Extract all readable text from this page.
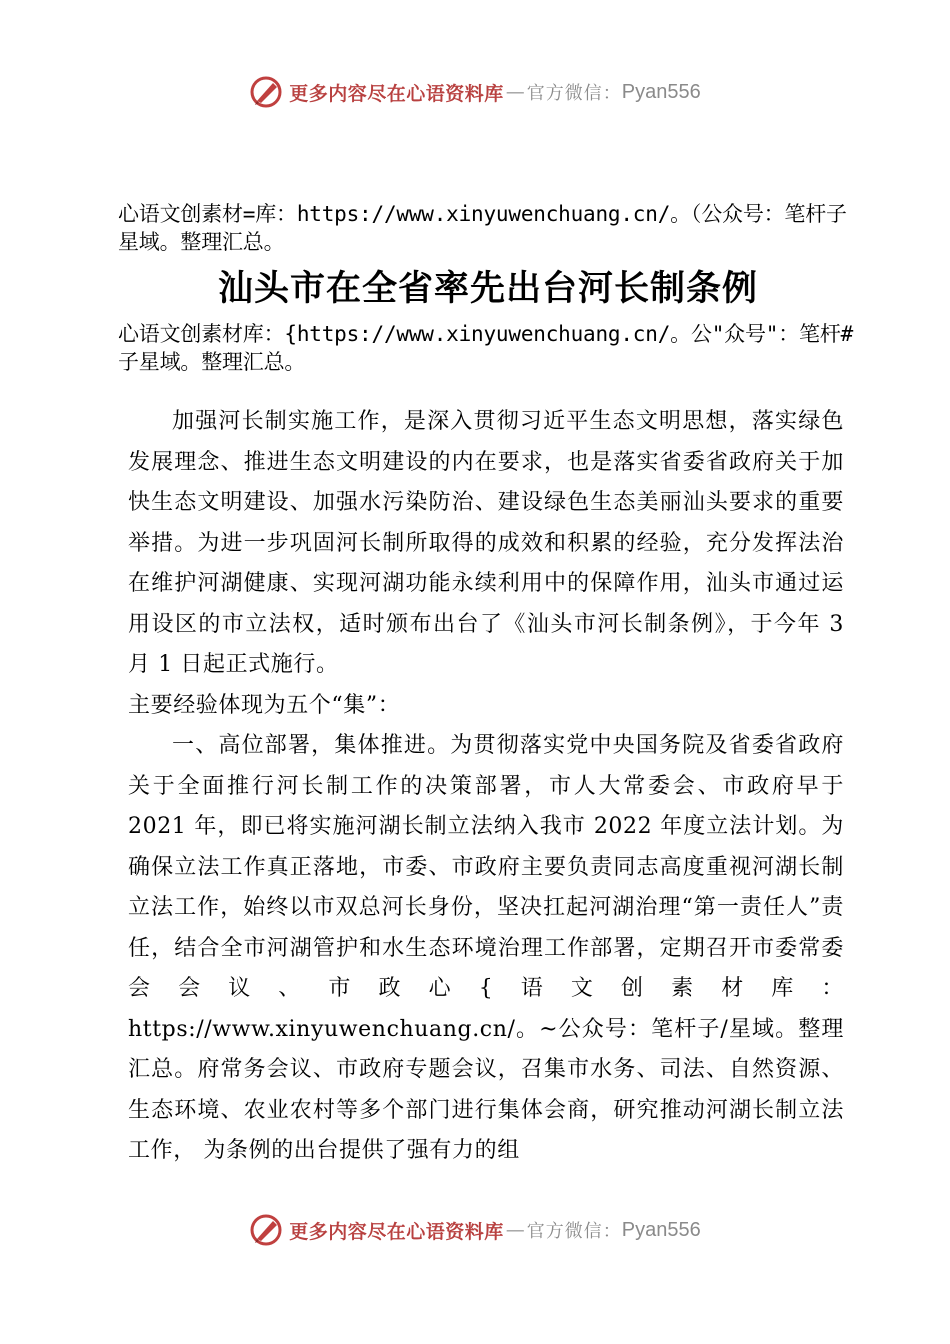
更多内容尽在心语资料库 — 官方微信： Pyan556

心语文创素材=库：https://www.xinyuwenchuang.cn/。（公众号：笔杆子星域。整理汇总。

汕头市在全省率先出台河长制条例

心语文创素材库：{https://www.xinyuwenchuang.cn/。公"众号"：笔杆#子星域。整理汇总。

加强河长制实施工作，是深入贯彻习近平生态文明思想，落实绿色发展理念、推进生态文明建设的内在要求，也是落实省委省政府关于加快生态文明建设、加强水污染防治、建设绿色生态美丽汕头要求的重要举措。为进一步巩固河长制所取得的成效和积累的经验，充分发挥法治在维护河湖健康、实现河湖功能永续利用中的保障作用，汕头市通过运用设区的市立法权，适时颁布出台了《汕头市河长制条例》，于今年 3 月 1 日起正式施行。

主要经验体现为五个“集”：

一、高位部署，集体推进。为贯彻落实党中央国务院及省委省政府关于全面推行河长制工作的决策部署，市人大常委会、市政府早于 2021 年，即已将实施河湖长制立法纳入我市 2022 年度立法计划。为确保立法工作真正落地，市委、市政府主要负责同志高度重视河湖长制立法工作，始终以市双总河长身份，坚决扛起河湖治理“第一责任人”责任，结合全市河湖管护和水生态环境治理工作部署，定期召开市委常委会会议、市政心{语文创素材库：https://www.xinyuwenchuang.cn/。~公众号：笔杆子/星域。整理汇总。府常务会议、市政府专题会议，召集市水务、司法、自然资源、生态环境、农业农村等多个部门进行集体会商，研究推动河湖长制立法工作， 为条例的出台提供了强有力的组

更多内容尽在心语资料库 — 官方微信： Pyan556
